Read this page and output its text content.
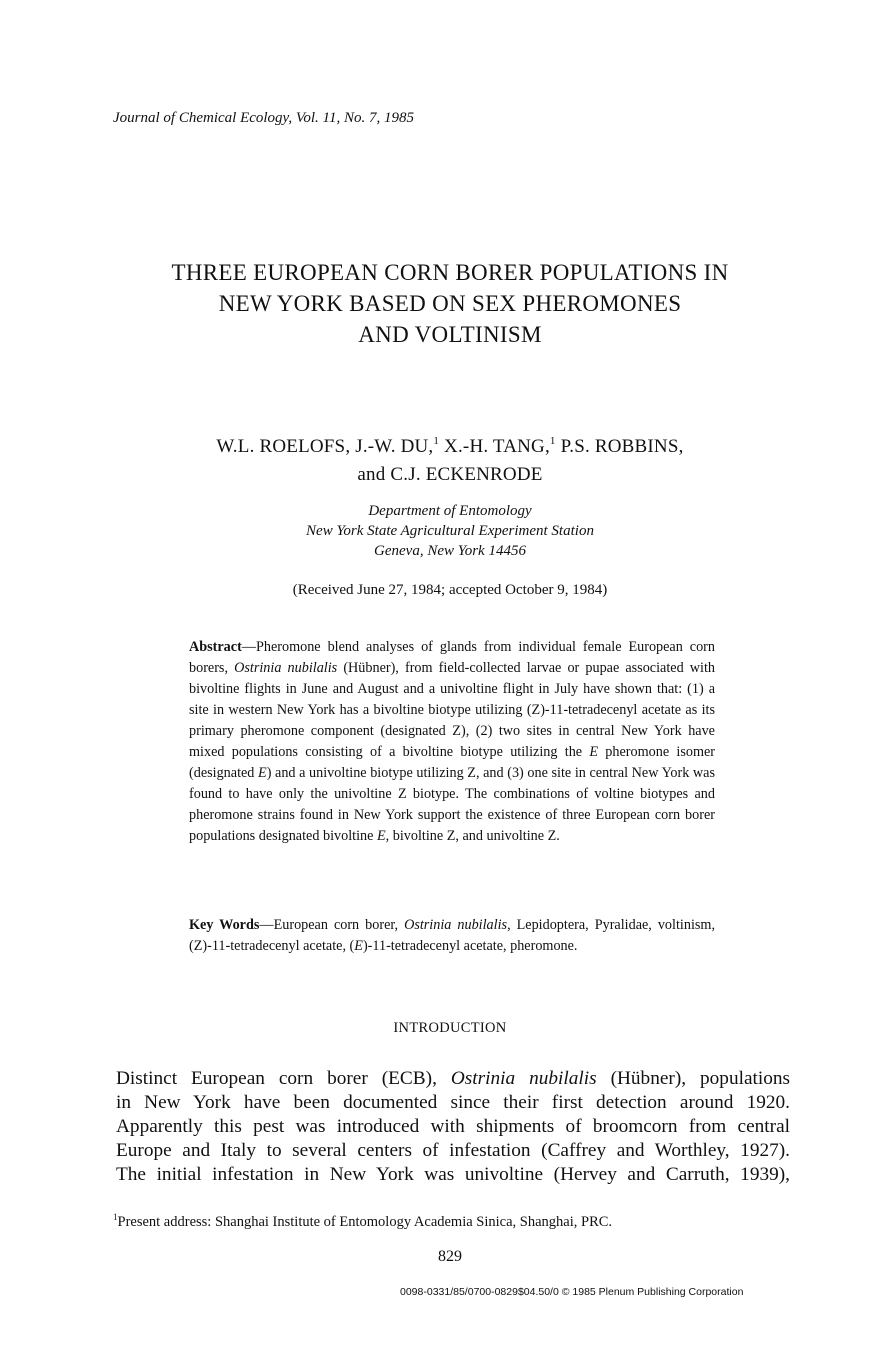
Journal of Chemical Ecology, Vol. 11, No. 7, 1985
THREE EUROPEAN CORN BORER POPULATIONS IN
NEW YORK BASED ON SEX PHEROMONES
AND VOLTINISM
W.L. ROELOFS, J.-W. DU,$^1$ X.-H. TANG,$^1$ P.S. ROBBINS,
and C.J. ECKENRODE
Department of Entomology
New York State Agricultural Experiment Station
Geneva, New York 14456
(Received June 27, 1984; accepted October 9, 1984)
Abstract—Pheromone blend analyses of glands from individual female European corn borers, Ostrinia nubilalis (Hübner), from field-collected larvae or pupae associated with bivoltine flights in June and August and a univoltine flight in July have shown that: (1) a site in western New York has a bivoltine biotype utilizing (Z)-11-tetradecenyl acetate as its primary pheromone component (designated Z), (2) two sites in central New York have mixed populations consisting of a bivoltine biotype utilizing the E pheromone isomer (designated E) and a univoltine biotype utilizing Z, and (3) one site in central New York was found to have only the univoltine Z biotype. The combinations of voltine biotypes and pheromone strains found in New York support the existence of three European corn borer populations designated bivoltine E, bivoltine Z, and univoltine Z.
Key Words—European corn borer, Ostrinia nubilalis, Lepidoptera, Pyralidae, voltinism, (Z)-11-tetradecenyl acetate, (E)-11-tetradecenyl acetate, pheromone.
INTRODUCTION
Distinct European corn borer (ECB), Ostrinia nubilalis (Hübner), populations
in New York have been documented since their first detection around 1920.
Apparently this pest was introduced with shipments of broomcorn from central
Europe and Italy to several centers of infestation (Caffrey and Worthley, 1927).
The initial infestation in New York was univoltine (Hervey and Carruth, 1939),
$^1$Present address: Shanghai Institute of Entomology Academia Sinica, Shanghai, PRC.
829
0098-0331/85/0700-0829$04.50/0 © 1985 Plenum Publishing Corporation
